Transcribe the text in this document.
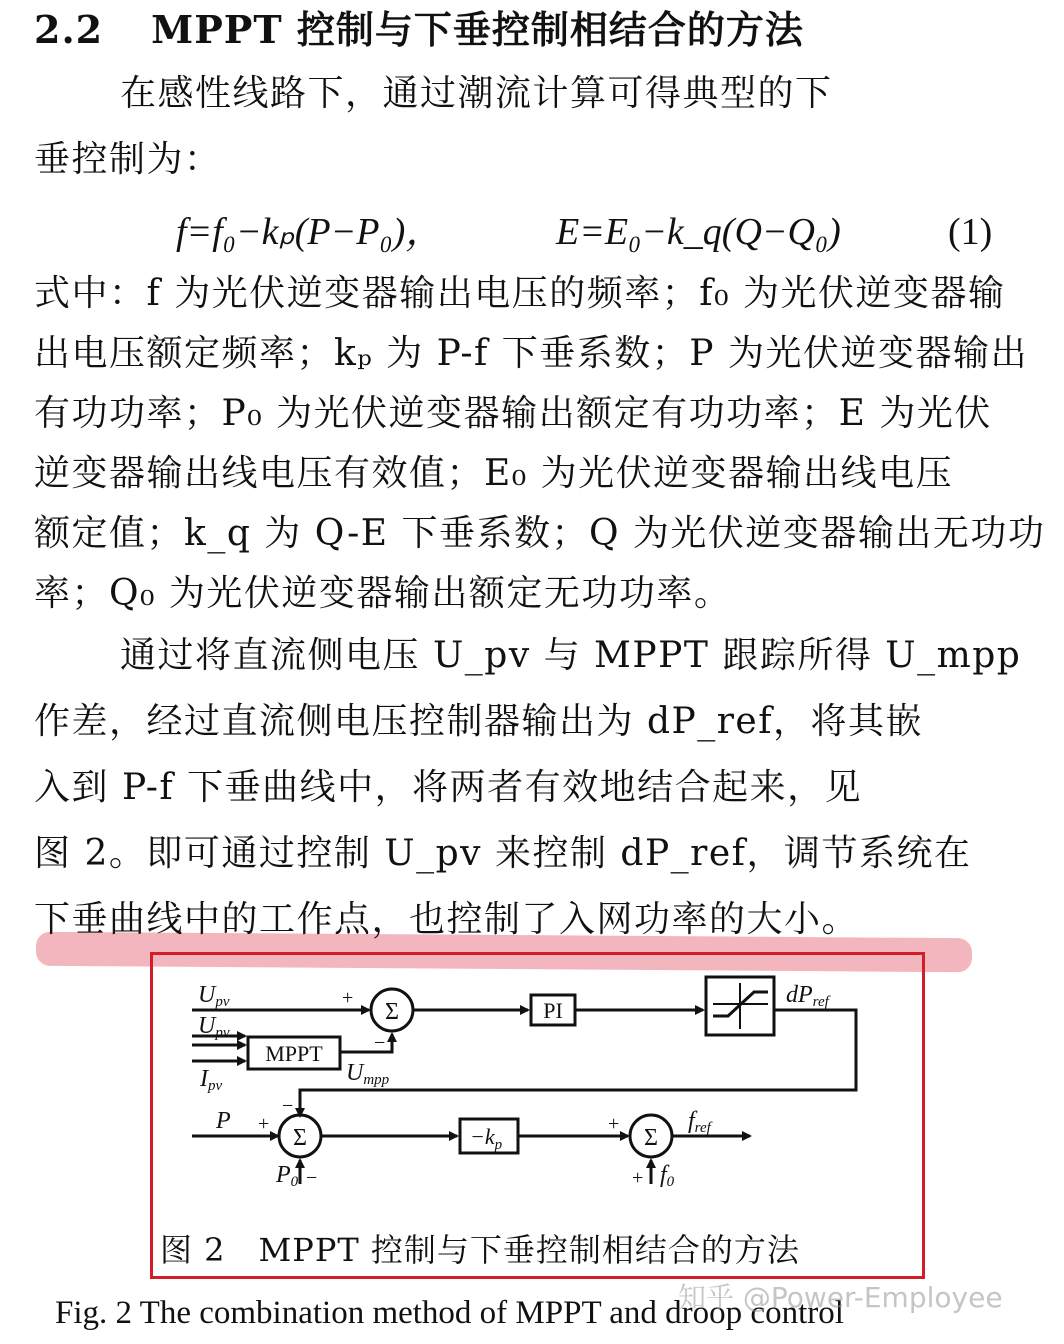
2.2 MPPT 控制与下垂控制相结合的方法
在感性线路下，通过潮流计算可得典型的下
垂控制为：
f=f₀−kₚ(P−P₀)，	E=E₀−k_q(Q−Q₀)	(1)
式中：f 为光伏逆变器输出电压的频率；f₀ 为光伏逆变器输
出电压额定频率；kₚ 为 P-f 下垂系数；P 为光伏逆变器输出
有功功率；P₀ 为光伏逆变器输出额定有功功率；E 为光伏
逆变器输出线电压有效值；E₀ 为光伏逆变器输出线电压
额定值；k_q 为 Q-E 下垂系数；Q 为光伏逆变器输出无功功
率；Q₀ 为光伏逆变器输出额定无功功率。
通过将直流侧电压 U_pv 与 MPPT 跟踪所得 U_mpp
作差，经过直流侧电压控制器输出为 dP_ref，将其嵌
入到 P-f 下垂曲线中，将两者有效地结合起来，见
图 2。即可通过控制 U_pv 来控制 dP_ref，调节系统在
下垂曲线中的工作点，也控制了入网功率的大小。
Σ
Σ	Σ
PI
MPPT
$-k_p$
Upv
Upv
Ipv	Umpp
dPref
P
P0
fref
f0
+
−
+
−
−
+
+
图 2　MPPT 控制与下垂控制相结合的方法
Fig. 2 The combination method of MPPT and droop control
知乎 @Power-Employee
